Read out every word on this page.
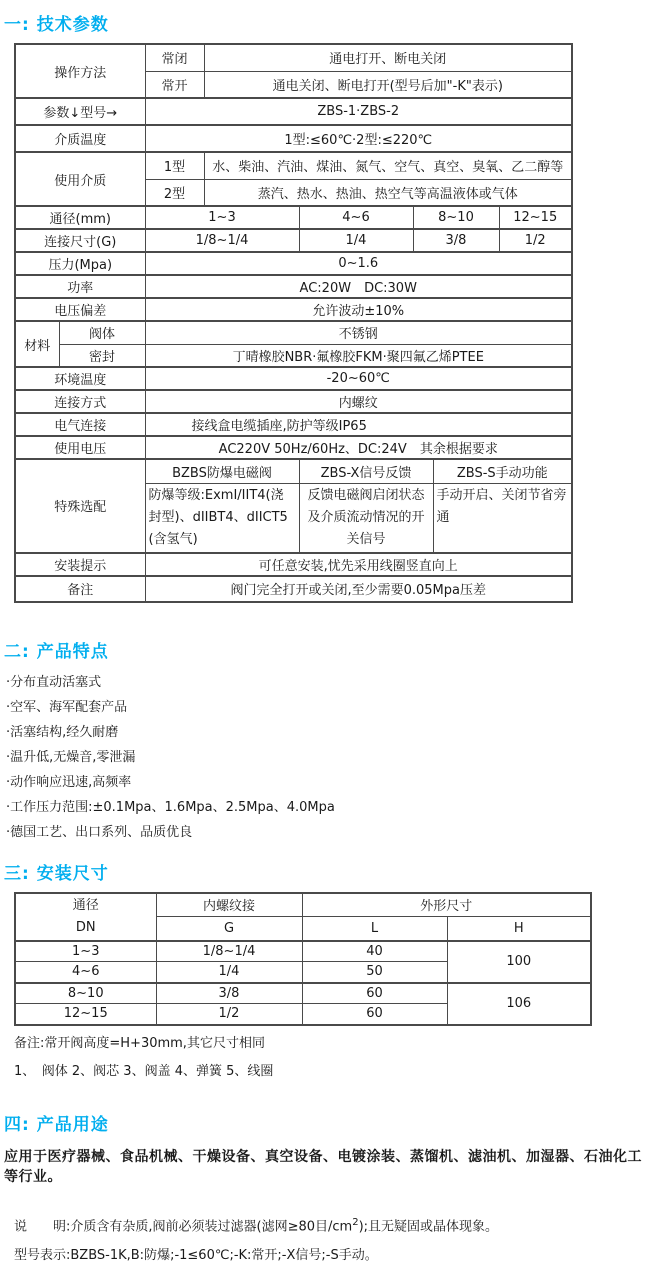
一: 技术参数
操作方法		常闭	通电打开、断电关闭				
		常开	通电关闭、断电打开(型号后加"-K"表示)				
参数↓型号→		ZBS-1·ZBS-2					
介质温度		1型:≤60℃·2型:≤220℃					
使用介质		1型	水、柴油、汽油、煤油、氮气、空气、真空、臭氧、乙二醇等				
		2型	蒸汽、热水、热油、热空气等高温液体或气体				
通径(mm)		1~3		4~6	8~10		12~15
连接尺寸(G)		1/8~1/4		1/4	3/8		1/2
压力(Mpa)		0~1.6					
功率		AC:20W　DC:30W					
电压偏差		允许波动±10%					
材料	阀体	不锈钢					
	密封	丁晴橡胶NBR·氟橡胶FKM·聚四氟乙烯PTEE					
环境温度		-20~60℃					
连接方式		内螺纹					
电气连接		接线盒电缆插座,防护等级IP65					
使用电压		AC220V 50Hz/60Hz、DC:24V　其余根据要求					
特殊选配		BZBS防爆电磁阀		ZBS-X信号反馈		ZBS-S手动功能	
		防爆等级:ExmI/IIT4(浇封型)、dIIBT4、dIICT5(含氢气)		反馈电磁阀启闭状态及介质流动情况的开关信号		手动开启、关闭节省旁通	
安装提示		可任意安装,忧先采用线圈竖直向上					
备注		阀门完全打开或关闭,至少需要0.05Mpa压差					
二: 产品特点
·分布直动活塞式
·空军、海军配套产品
·活塞结构,经久耐磨
·温升低,无燥音,零泄漏
·动作响应迅速,高频率
·工作压力范围:±0.1Mpa、1.6Mpa、2.5Mpa、4.0Mpa
·德国工艺、出口系列、品质优良
三: 安装尺寸
通径
DN	内螺纹接	外形尺寸	
	G	L	H
1~3	1/8~1/4	40	100
4~6	1/4	50	
8~10	3/8	60	106
12~15	1/2	60	
备注:常开阀高度=H+30mm,其它尺寸相同
1、　阀体 2、阀芯 3、阀盖 4、弹簧 5、线圈
四: 产品用途
应用于医疗器械、食品机械、干燥设备、真空设备、电镀涂装、蒸馏机、滤油机、加湿器、石油化工等行业。
说　　明:介质含有杂质,阀前必须装过滤器(滤网≥80目$/cm^2$);且无疑固或晶体现象。
型号表示:BZBS-1K,B:防爆;-1≤60℃;-K:常开;-X信号;-S手动。
